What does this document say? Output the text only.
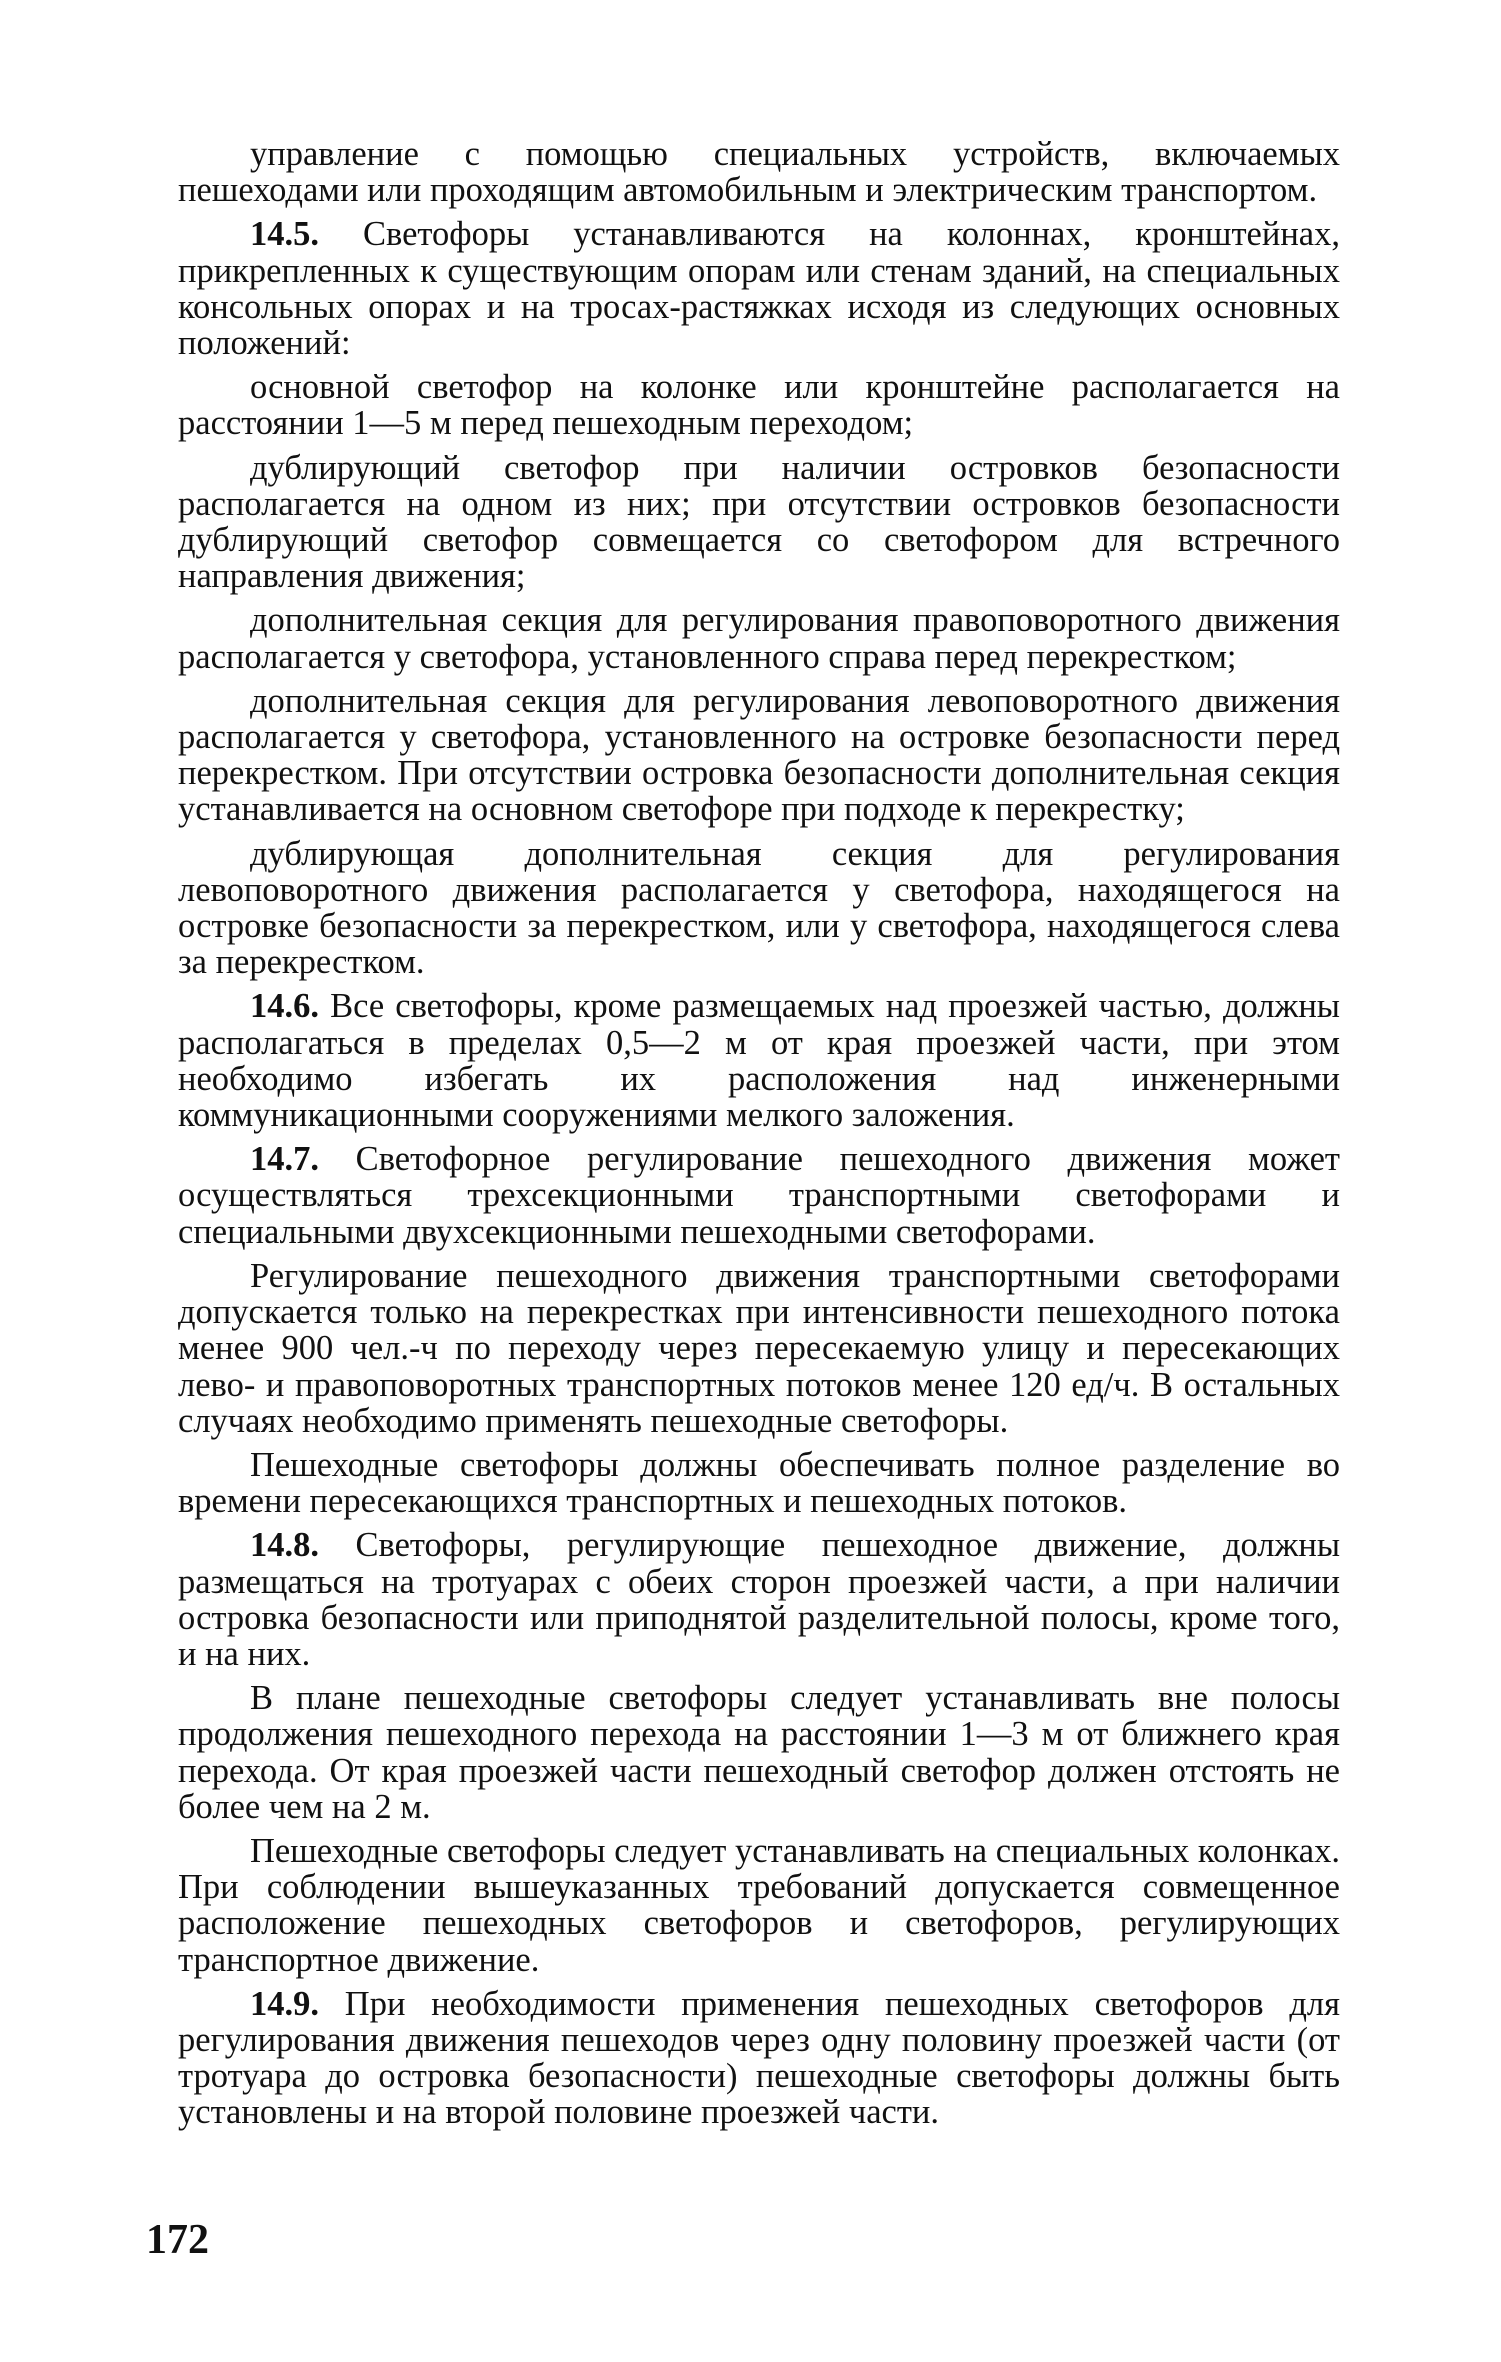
управление с помощью специальных устройств, включаемых пешеходами или проходящим автомобильным и электрическим транспортом.

14.5. Светофоры устанавливаются на колоннах, кронштейнах, прикрепленных к существующим опорам или стенам зданий, на специальных консольных опорах и на тросах-растяжках исходя из следующих основных положений:

основной светофор на колонке или кронштейне располагается на расстоянии 1—5 м перед пешеходным переходом;

дублирующий светофор при наличии островков безопасности располагается на одном из них; при отсутствии островков безопасности дублирующий светофор совмещается со светофором для встречного направления движения;

дополнительная секция для регулирования правоповоротного движения располагается у светофора, установленного справа перед перекрестком;

дополнительная секция для регулирования левоповоротного движения располагается у светофора, установленного на островке безопасности перед перекрестком. При отсутствии островка безопасности дополнительная секция устанавливается на основном светофоре при подходе к перекрестку;

дублирующая дополнительная секция для регулирования левоповоротного движения располагается у светофора, находящегося на островке безопасности за перекрестком, или у светофора, находящегося слева за перекрестком.

14.6. Все светофоры, кроме размещаемых над проезжей частью, должны располагаться в пределах 0,5—2 м от края проезжей части, при этом необходимо избегать их расположения над инженерными коммуникационными сооружениями мелкого заложения.

14.7. Светофорное регулирование пешеходного движения может осуществляться трехсекционными транспортными светофорами и специальными двухсекционными пешеходными светофорами.

Регулирование пешеходного движения транспортными светофорами допускается только на перекрестках при интенсивности пешеходного потока менее 900 чел.-ч по переходу через пересекаемую улицу и пересекающих лево- и правоповоротных транспортных потоков менее 120 ед/ч. В остальных случаях необходимо применять пешеходные светофоры.

Пешеходные светофоры должны обеспечивать полное разделение во времени пересекающихся транспортных и пешеходных потоков.

14.8. Светофоры, регулирующие пешеходное движение, должны размещаться на тротуарах с обеих сторон проезжей части, а при наличии островка безопасности или приподнятой разделительной полосы, кроме того, и на них.

В плане пешеходные светофоры следует устанавливать вне полосы продолжения пешеходного перехода на расстоянии 1—3 м от ближнего края перехода. От края проезжей части пешеходный светофор должен отстоять не более чем на 2 м.

Пешеходные светофоры следует устанавливать на специальных колонках. При соблюдении вышеуказанных требований допускается совмещенное расположение пешеходных светофоров и светофоров, регулирующих транспортное движение.

14.9. При необходимости применения пешеходных светофоров для регулирования движения пешеходов через одну половину проезжей части (от тротуара до островка безопасности) пешеходные светофоры должны быть установлены и на второй половине проезжей части.

172
